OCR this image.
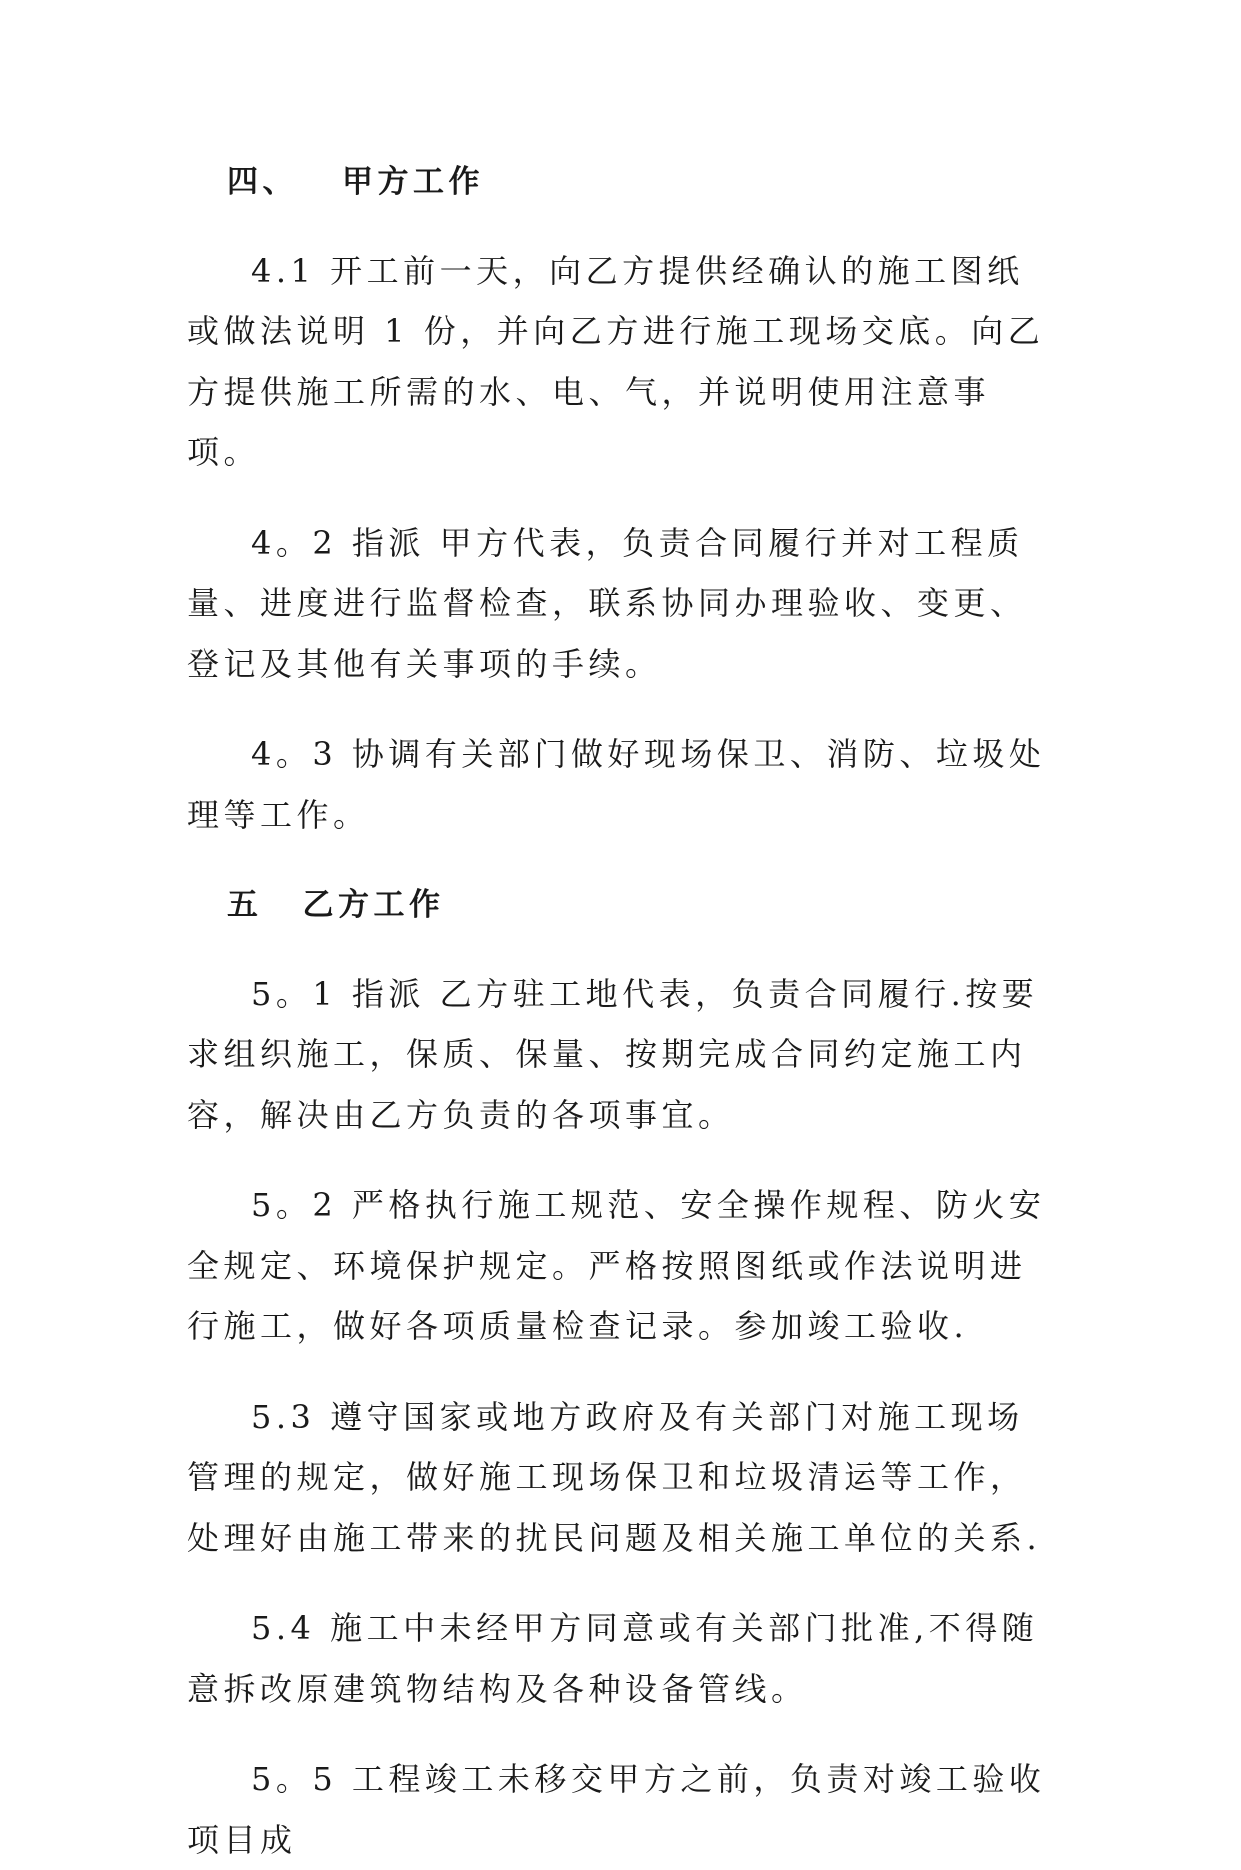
四、 甲方工作

4.1 开工前一天，向乙方提供经确认的施工图纸或做法说明 1 份，并向乙方进行施工现场交底。向乙方提供施工所需的水、电、气，并说明使用注意事项。

4。2 指派 甲方代表，负责合同履行并对工程质量、进度进行监督检查，联系协同办理验收、变更、登记及其他有关事项的手续。

4。3 协调有关部门做好现场保卫、消防、垃圾处理等工作。

五 乙方工作

5。1 指派 乙方驻工地代表，负责合同履行.按要求组织施工，保质、保量、按期完成合同约定施工内容，解决由乙方负责的各项事宜。

5。2 严格执行施工规范、安全操作规程、防火安全规定、环境保护规定。严格按照图纸或作法说明进行施工，做好各项质量检查记录。参加竣工验收.

5.3 遵守国家或地方政府及有关部门对施工现场管理的规定，做好施工现场保卫和垃圾清运等工作，处理好由施工带来的扰民问题及相关施工单位的关系.

5.4 施工中未经甲方同意或有关部门批准,不得随意拆改原建筑物结构及各种设备管线。

5。5 工程竣工未移交甲方之前，负责对竣工验收项目成
